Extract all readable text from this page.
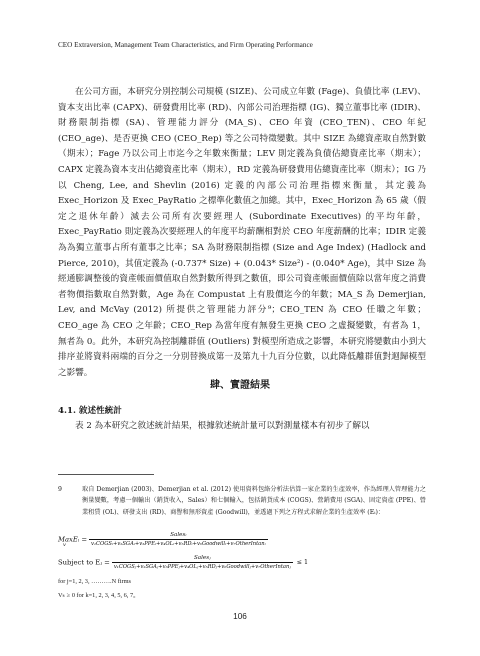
CEO Extraversion, Management Team Characteristics, and Firm Operating Performance

在公司方面，本研究分別控制公司規模 (SIZE)、公司成立年數 (Fage)、負債比率 (LEV)、資本支出比率 (CAPX)、研發費用比率 (RD)、內部公司治理指標 (IG)、獨立董事比率 (IDIR)、財務限制指標 (SA)、管理能力評分 (MA_S)、CEO 年資 (CEO_TEN)、CEO 年紀 (CEO_age)、是否更換 CEO (CEO_Rep) 等之公司特徵變數。其中 SIZE 為總資產取自然對數（期末）；Fage 乃以公司上市迄今之年數來衡量；LEV 則定義為負債佔總資產比率（期末）；CAPX 定義為資本支出佔總資產比率（期末），RD 定義為研發費用佔總資產比率（期末）；IG 乃以 Cheng, Lee, and Shevlin (2016) 定義的內部公司治理指標來衡量，其定義為 Exec_Horizon 及 Exec_PayRatio 之標準化數值之加總。其中，Exec_Horizon 為 65 歲（假定之退休年齡）減去公司所有次要經理人 (Subordinate Executives) 的平均年齡，Exec_PayRatio 則定義為次要經理人的年度平均薪酬相對於 CEO 年度薪酬的比率；IDIR 定義為為獨立董事占所有董事之比率；SA 為財務限制指標 (Size and Age Index) (Hadlock and Pierce, 2010)，其值定義為 (-0.737* Size) + (0.043* Size²) - (0.040* Age)，其中 Size 為經通膨調整後的資產帳面價值取自然對數所得到之數值，即公司資產帳面價值除以當年度之消費者物價指數取自然對數，Age 為在 Compustat 上有股價迄今的年數；MA_S 為 Demerjian, Lev, and McVay (2012) 所提供之管理能力評分⁹；CEO_TEN 為 CEO 任職之年數；CEO_age 為 CEO 之年齡；CEO_Rep 為當年度有無發生更換 CEO 之虛擬變數，有者為 1，無者為 0。此外，本研究為控制離群值 (Outliers) 對模型所造成之影響，本研究將變數由小到大排序並將資料兩端的百分之一分別替換成第一及第九十九百分位數，以此降低離群值對迴歸模型之影響。

肆、實證結果
4.1. 敘述性統計

表 2 為本研究之敘述統計結果，根據敘述統計量可以對測量樣本有初步了解以

9	取自 Demerjian (2003)、Demerjian et al. (2012) 使用資料包絡分析法估算一家企業的生產效率，作為經理人管理能力之衡量變數，考慮一個輸出（銷貨收入，Sales）和七個輸入，包括銷貨成本 (COGS)、營銷費用 (SGA)、固定資產 (PPE)、營業租賃 (OL)、研發支出 (RD)、商譽和無形資產 (Goodwill)，並透過下列之方程式求解企業的生產效率 (Eᵢ)：
MaxEᵢ = $\frac{\text{Salesᵢ}}{\text{v₁COGSᵢ+v₂SGAᵢ+v₃PPEᵢ+v₄OLᵢ+v₅RDᵢ+v₆Goodwillᵢ+v₇OtherIntanᵢ}}$
v
Subject to Eⱼ = $\frac{\text{Salesⱼ}}{\text{v₁COGSⱼ+v₂SGAⱼ+v₃PPEⱼ+v₄OLⱼ+v₅RDⱼ+v₆Goodwillⱼ+v₇OtherIntanⱼ}} \le 1$
for j=1, 2, 3, ……….N firms
Vₖ ≥ 0 for k=1, 2, 3, 4, 5, 6, 7。
106
